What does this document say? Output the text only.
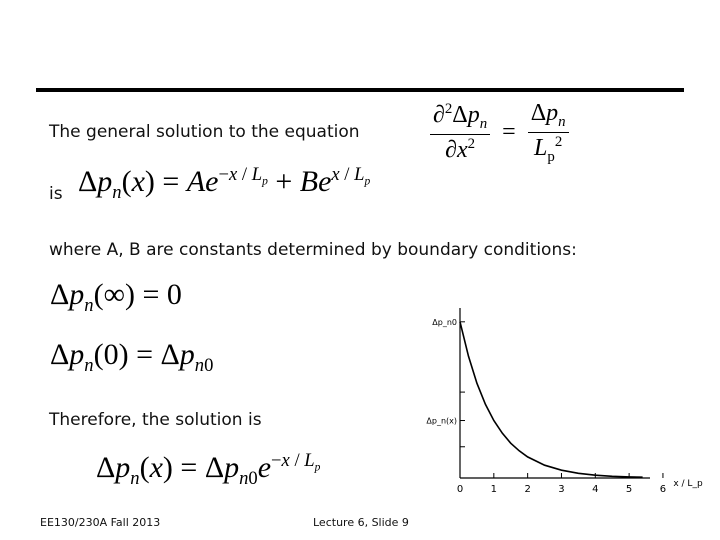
The general solution to the equation	$\frac{\partial^2\Delta p_n}{\partial x^2} = \frac{\Delta p_n}{L_p^2}$
is $\Delta p_n(x) = Ae^{-x / L_p} + Be^{x / L_p}$
where A, B are constants determined by boundary conditions:
$\Delta p_n(\infty) = 0$
$\Delta p_n(0) = \Delta p_{n0}$
Therefore, the solution is
$\Delta p_n(x) = \Delta p_{n0}e^{-x / L_p}$
0	1	2	3	4	5	6
Δp_n0
Δp_n(x)
x / L_p
EE130/230A Fall 2013	Lecture 6, Slide 9
